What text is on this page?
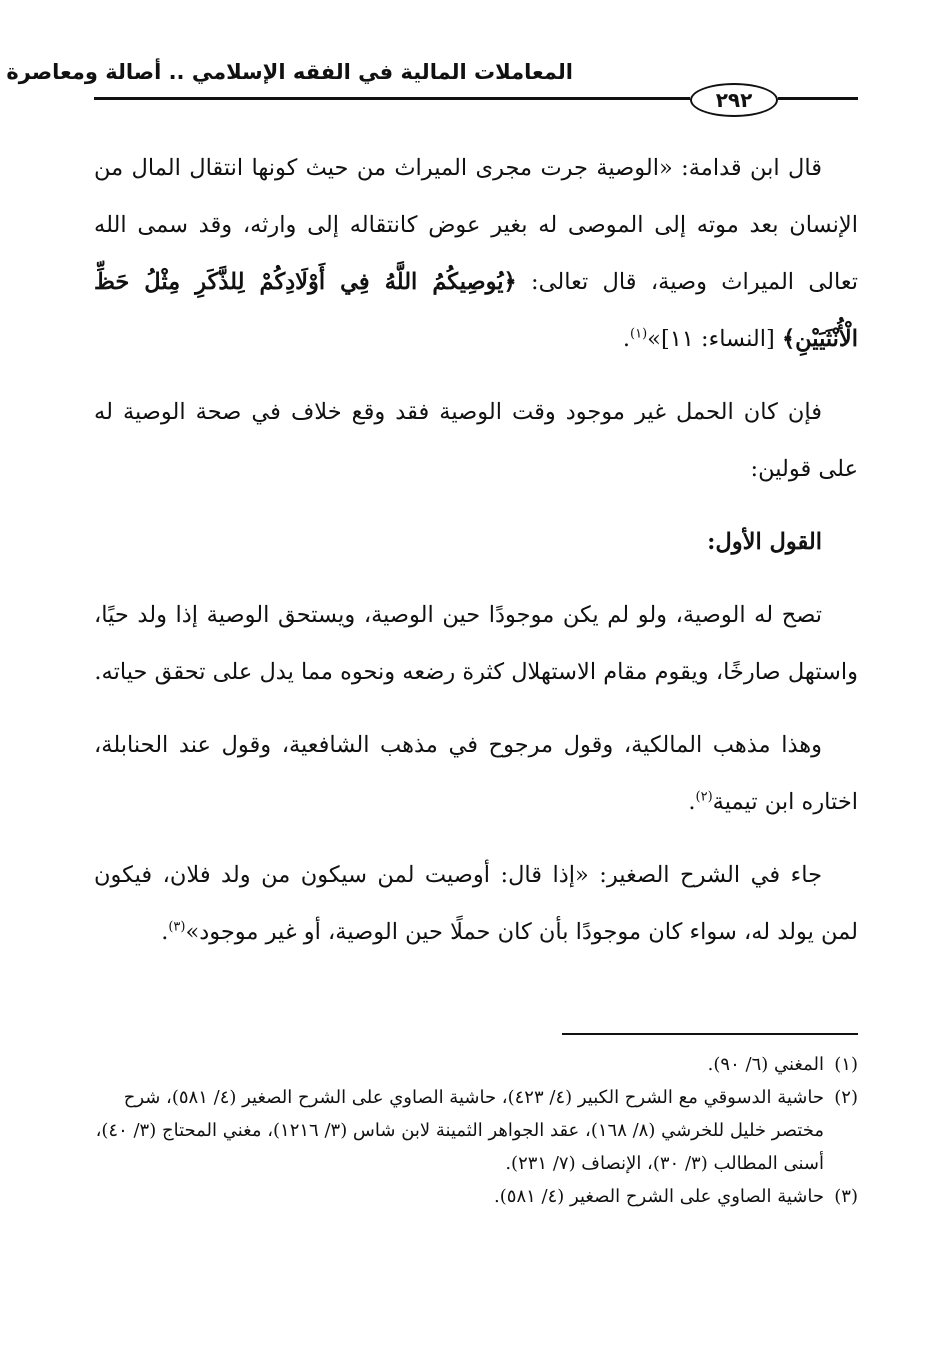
المعاملات المالية في الفقه الإسلامي .. أصالة ومعاصرة
٢٩٢

قال ابن قدامة: «الوصية جرت مجرى الميراث من حيث كونها انتقال المال من الإنسان بعد موته إلى الموصى له بغير عوض كانتقاله إلى وارثه، وقد سمى الله تعالى الميراث وصية، قال تعالى: ﴿يُوصِيكُمُ اللَّهُ فِي أَوْلَادِكُمْ لِلذَّكَرِ مِثْلُ حَظِّ الْأُنْثَيَيْنِ﴾ [النساء: ١١]»$^{(١)}$.

فإن كان الحمل غير موجود وقت الوصية فقد وقع خلاف في صحة الوصية له على قولين:

القول الأول:

تصح له الوصية، ولو لم يكن موجودًا حين الوصية، ويستحق الوصية إذا ولد حيًا، واستهل صارخًا، ويقوم مقام الاستهلال كثرة رضعه ونحوه مما يدل على تحقق حياته.

وهذا مذهب المالكية، وقول مرجوح في مذهب الشافعية، وقول عند الحنابلة، اختاره ابن تيمية$^{(٢)}$.

جاء في الشرح الصغير: «إذا قال: أوصيت لمن سيكون من ولد فلان، فيكون لمن يولد له، سواء كان موجودًا بأن كان حملًا حين الوصية، أو غير موجود»$^{(٣)}$.

(١)
المغني (٦/ ٩٠).

(٢)
حاشية الدسوقي مع الشرح الكبير (٤/ ٤٢٣)، حاشية الصاوي على الشرح الصغير (٤/ ٥٨١)، شرح مختصر خليل للخرشي (٨/ ١٦٨)، عقد الجواهر الثمينة لابن شاس (٣/ ١٢١٦)، مغني المحتاج (٣/ ٤٠)، أسنى المطالب (٣/ ٣٠)، الإنصاف (٧/ ٢٣١).

(٣)
حاشية الصاوي على الشرح الصغير (٤/ ٥٨١).
